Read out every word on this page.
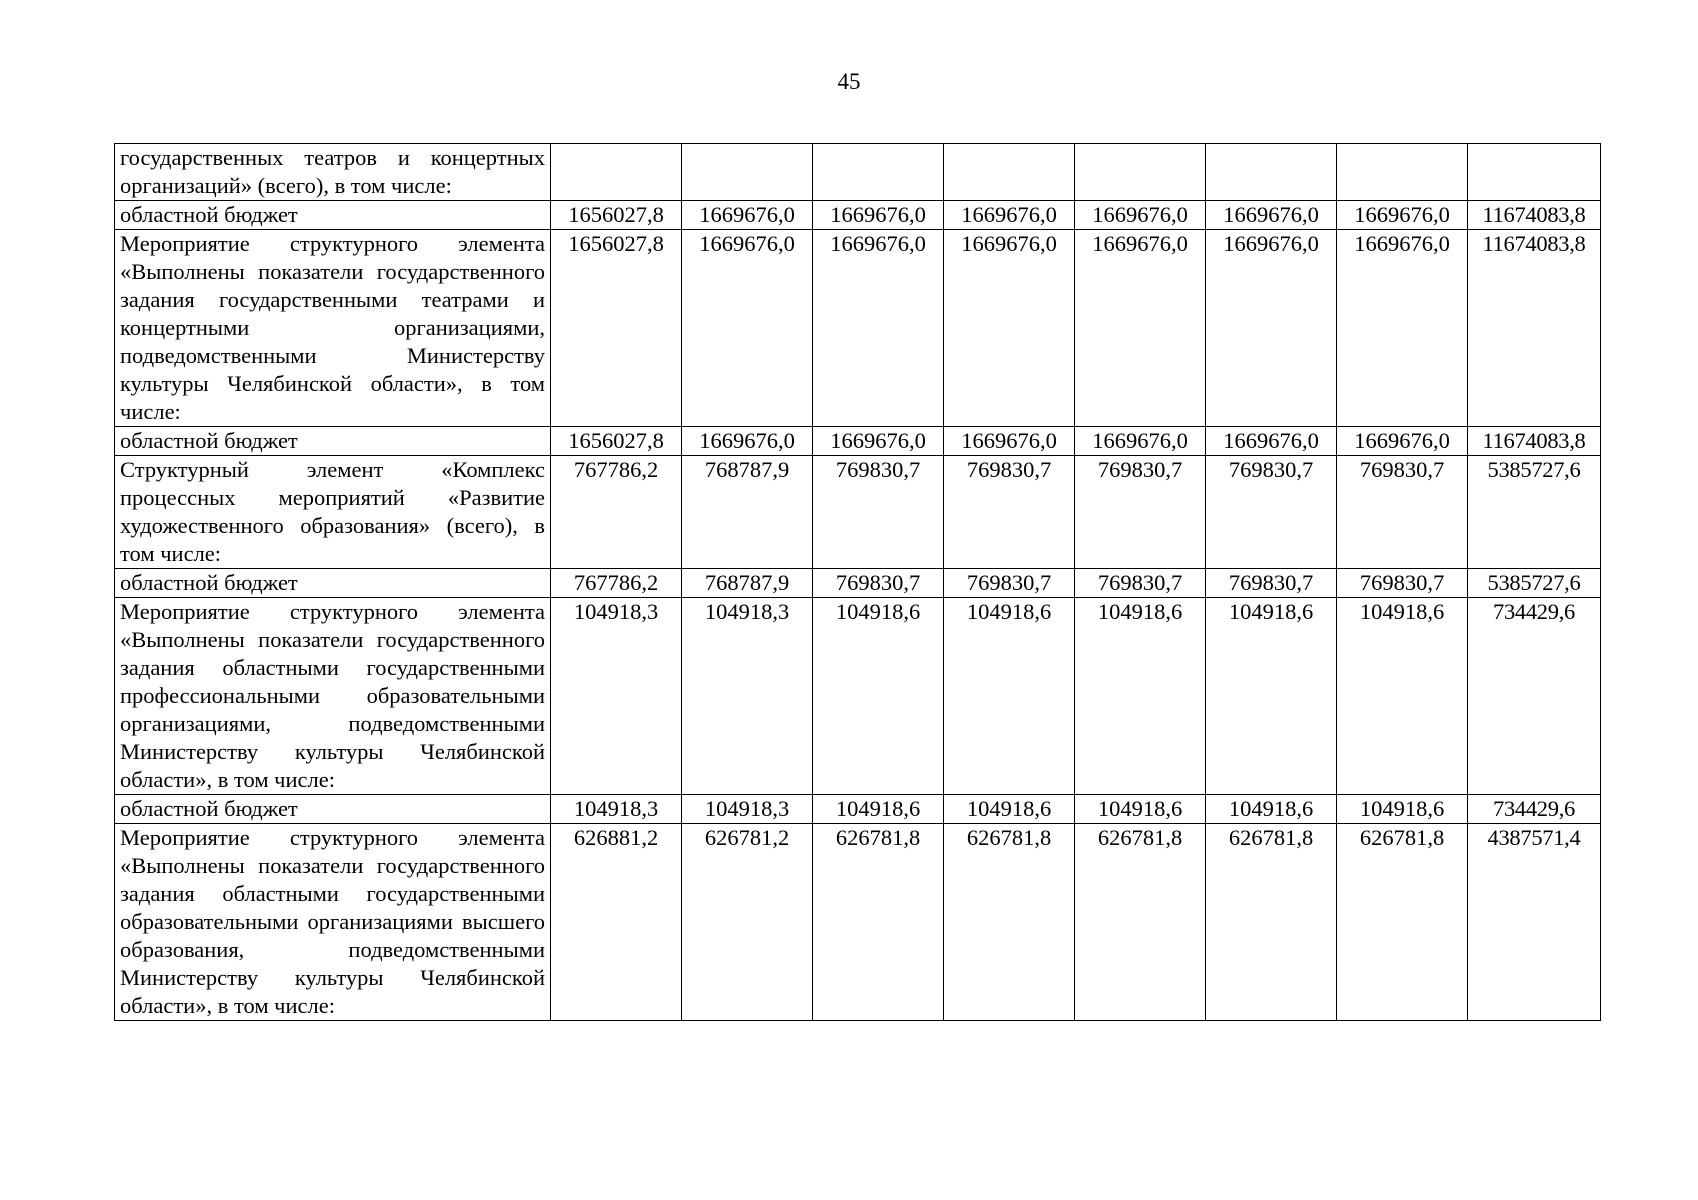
45
государственных театров и концертных организаций» (всего), в том числе:								
областной бюджет	1656027,8	1669676,0	1669676,0	1669676,0	1669676,0	1669676,0	1669676,0	11674083,8
Мероприятие структурного элемента «Выполнены показатели государственного задания государственными театрами и концертными организациями, подведомственными Министерству культуры Челябинской области», в том числе:	1656027,8	1669676,0	1669676,0	1669676,0	1669676,0	1669676,0	1669676,0	11674083,8
областной бюджет	1656027,8	1669676,0	1669676,0	1669676,0	1669676,0	1669676,0	1669676,0	11674083,8
Структурный элемент «Комплекс процессных мероприятий «Развитие художественного образования» (всего), в том числе:	767786,2	768787,9	769830,7	769830,7	769830,7	769830,7	769830,7	5385727,6
областной бюджет	767786,2	768787,9	769830,7	769830,7	769830,7	769830,7	769830,7	5385727,6
Мероприятие структурного элемента «Выполнены показатели государственного задания областными государственными профессиональными образовательными организациями, подведомственными Министерству культуры Челябинской области», в том числе:	104918,3	104918,3	104918,6	104918,6	104918,6	104918,6	104918,6	734429,6
областной бюджет	104918,3	104918,3	104918,6	104918,6	104918,6	104918,6	104918,6	734429,6
Мероприятие структурного элемента «Выполнены показатели государственного задания областными государственными образовательными организациями высшего образования, подведомственными Министерству культуры Челябинской области», в том числе:	626881,2	626781,2	626781,8	626781,8	626781,8	626781,8	626781,8	4387571,4
